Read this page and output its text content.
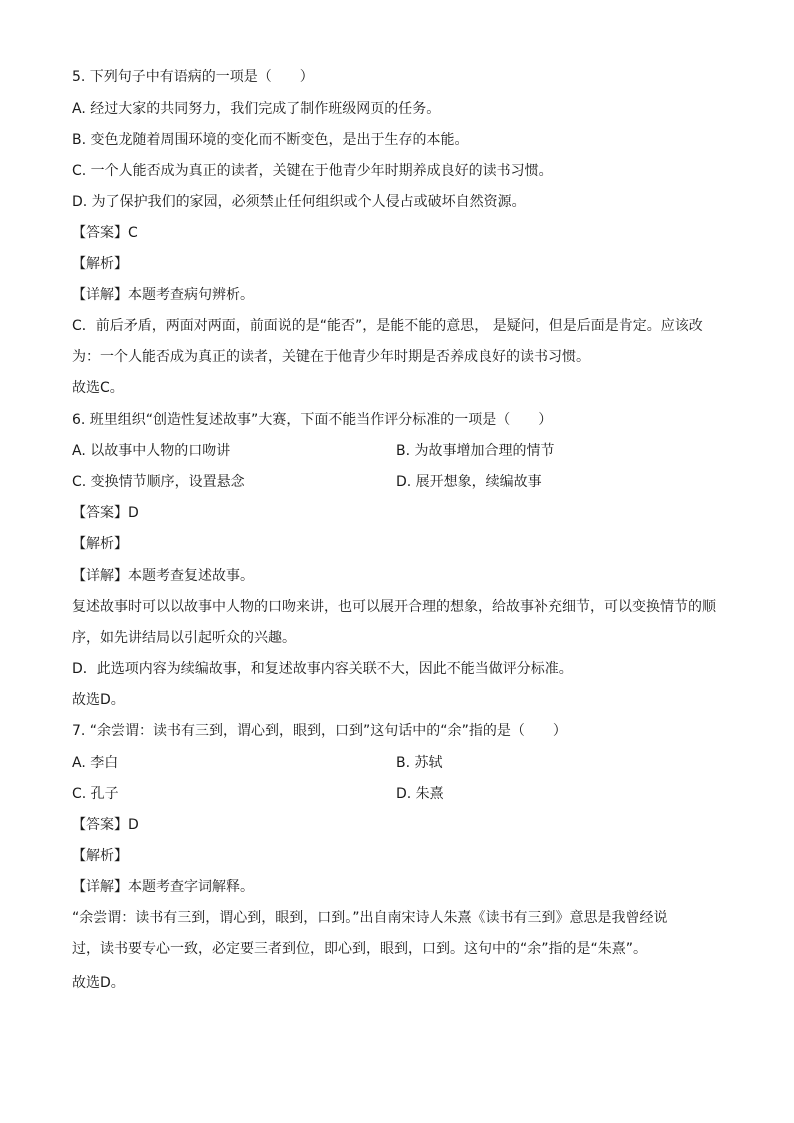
5. 下列句子中有语病的一项是（　　）
A. 经过大家的共同努力，我们完成了制作班级网页的任务。
B. 变色龙随着周围环境的变化而不断变色，是出于生存的本能。
C. 一个人能否成为真正的读者，关键在于他青少年时期养成良好的读书习惯。
D. 为了保护我们的家园，必须禁止任何组织或个人侵占或破坏自然资源。
【答案】C
【解析】
【详解】本题考查病句辨析。
C．前后矛盾，两面对两面，前面说的是“能否”，是能不能的意思， 是疑问，但是后面是肯定。应该改
为：一个人能否成为真正的读者，关键在于他青少年时期是否养成良好的读书习惯。
故选C。
6. 班里组织“创造性复述故事”大赛，下面不能当作评分标准的一项是（　　）
A. 以故事中人物的口吻讲	B. 为故事增加合理的情节
C. 变换情节顺序，设置悬念	D. 展开想象，续编故事
【答案】D
【解析】
【详解】本题考查复述故事。
复述故事时可以以故事中人物的口吻来讲，也可以展开合理的想象，给故事补充细节，可以变换情节的顺
序，如先讲结局以引起听众的兴趣。
D．此选项内容为续编故事，和复述故事内容关联不大，因此不能当做评分标准。
故选D。
7. “余尝谓：读书有三到，谓心到，眼到，口到”这句话中的“余”指的是（　　）
A. 李白	B. 苏轼
C. 孔子	D. 朱熹
【答案】D
【解析】
【详解】本题考查字词解释。
“余尝谓：读书有三到，谓心到，眼到，口到。”出自南宋诗人朱熹《读书有三到》意思是我曾经说
过，读书要专心一致，必定要三者到位，即心到，眼到，口到。这句中的“余”指的是“朱熹”。
故选D。
